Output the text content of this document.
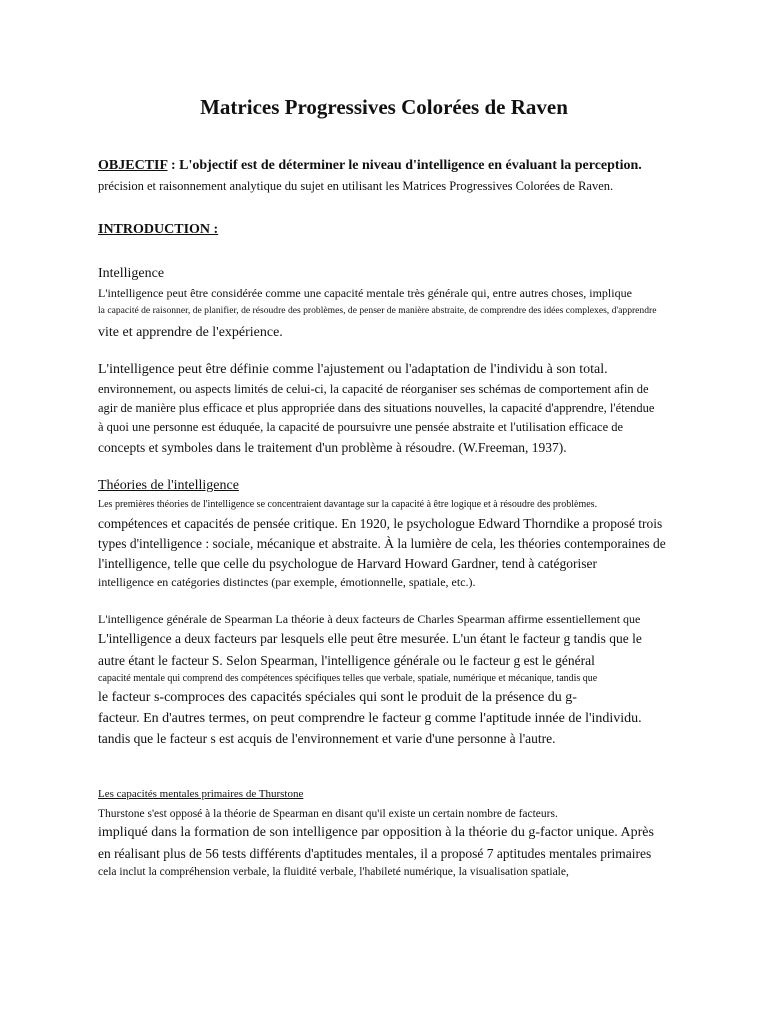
Matrices Progressives Colorées de Raven
OBJECTIF : L'objectif est de déterminer le niveau d'intelligence en évaluant la perception.
précision et raisonnement analytique du sujet en utilisant les Matrices Progressives Colorées de Raven.
INTRODUCTION :
Intelligence
L'intelligence peut être considérée comme une capacité mentale très générale qui, entre autres choses, implique
la capacité de raisonner, de planifier, de résoudre des problèmes, de penser de manière abstraite, de comprendre des idées complexes, d'apprendre
vite et apprendre de l'expérience.
L'intelligence peut être définie comme l'ajustement ou l'adaptation de l'individu à son total.
environnement, ou aspects limités de celui-ci, la capacité de réorganiser ses schémas de comportement afin de
agir de manière plus efficace et plus appropriée dans des situations nouvelles, la capacité d'apprendre, l'étendue
à quoi une personne est éduquée, la capacité de poursuivre une pensée abstraite et l'utilisation efficace de
concepts et symboles dans le traitement d'un problème à résoudre. (W.Freeman, 1937).
Théories de l'intelligence
Les premières théories de l'intelligence se concentraient davantage sur la capacité à être logique et à résoudre des problèmes.
compétences et capacités de pensée critique. En 1920, le psychologue Edward Thorndike a proposé trois
types d'intelligence : sociale, mécanique et abstraite. À la lumière de cela, les théories contemporaines de
l'intelligence, telle que celle du psychologue de Harvard Howard Gardner, tend à catégoriser
intelligence en catégories distinctes (par exemple, émotionnelle, spatiale, etc.).
L'intelligence générale de Spearman La théorie à deux facteurs de Charles Spearman affirme essentiellement que
L'intelligence a deux facteurs par lesquels elle peut être mesurée. L'un étant le facteur g tandis que le
autre étant le facteur S. Selon Spearman, l'intelligence générale ou le facteur g est le général
capacité mentale qui comprend des compétences spécifiques telles que verbale, spatiale, numérique et mécanique, tandis que
le facteur s-comproces des capacités spéciales qui sont le produit de la présence du g-
facteur. En d'autres termes, on peut comprendre le facteur g comme l'aptitude innée de l'individu.
tandis que le facteur s est acquis de l'environnement et varie d'une personne à l'autre.
Les capacités mentales primaires de Thurstone
Thurstone s'est opposé à la théorie de Spearman en disant qu'il existe un certain nombre de facteurs.
impliqué dans la formation de son intelligence par opposition à la théorie du g-factor unique. Après
en réalisant plus de 56 tests différents d'aptitudes mentales, il a proposé 7 aptitudes mentales primaires
cela inclut la compréhension verbale, la fluidité verbale, l'habileté numérique, la visualisation spatiale,
